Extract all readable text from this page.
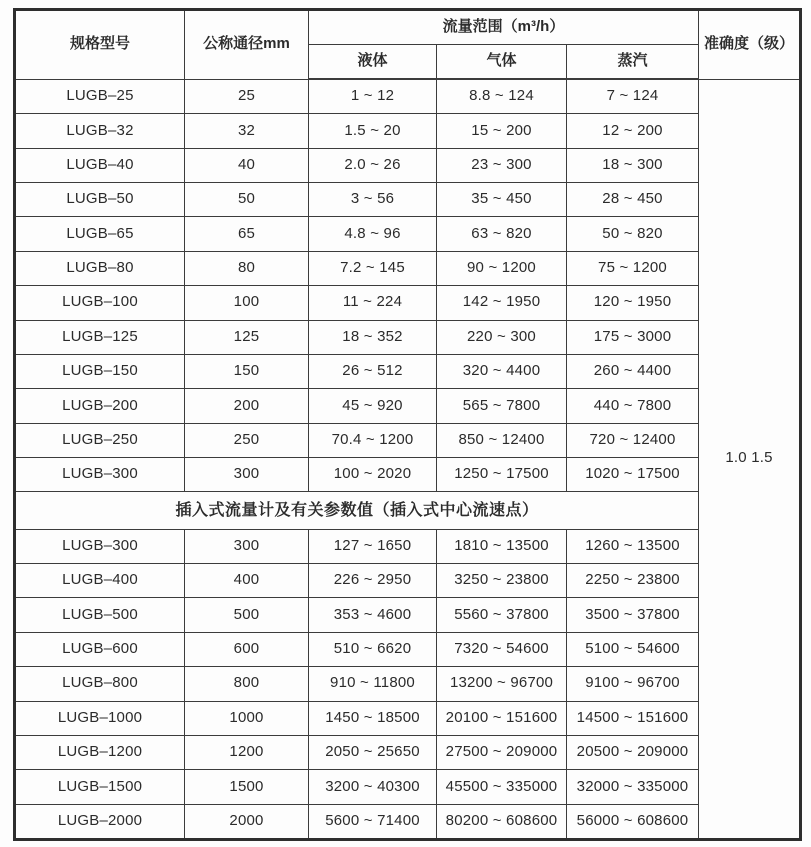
规格型号	公称通径mm	流量范围（m³/h）			准确度（级）
		液体	气体	蒸汽	
LUGB–25	25	1 ~ 12	8.8 ~ 124	7 ~ 124	1.0 1.5
LUGB–32	32	1.5 ~ 20	15 ~ 200	12 ~ 200	
LUGB–40	40	2.0 ~ 26	23 ~ 300	18 ~ 300	
LUGB–50	50	3 ~ 56	35 ~ 450	28 ~ 450	
LUGB–65	65	4.8 ~ 96	63 ~ 820	50 ~ 820	
LUGB–80	80	7.2 ~ 145	90 ~ 1200	75 ~ 1200	
LUGB–100	100	11 ~ 224	142 ~ 1950	120 ~ 1950	
LUGB–125	125	18 ~ 352	220 ~ 300	175 ~ 3000	
LUGB–150	150	26 ~ 512	320 ~ 4400	260 ~ 4400	
LUGB–200	200	45 ~ 920	565 ~ 7800	440 ~ 7800	
LUGB–250	250	70.4 ~ 1200	850 ~ 12400	720 ~ 12400	
LUGB–300	300	100 ~ 2020	1250 ~ 17500	1020 ~ 17500	
插入式流量计及有关参数值（插入式中心流速点）					
LUGB–300	300	127 ~ 1650	1810 ~ 13500	1260 ~ 13500	
LUGB–400	400	226 ~ 2950	3250 ~ 23800	2250 ~ 23800	
LUGB–500	500	353 ~ 4600	5560 ~ 37800	3500 ~ 37800	
LUGB–600	600	510 ~ 6620	7320 ~ 54600	5100 ~ 54600	
LUGB–800	800	910 ~ 11800	13200 ~ 96700	9100 ~ 96700	
LUGB–1000	1000	1450 ~ 18500	20100 ~ 151600	14500 ~ 151600	
LUGB–1200	1200	2050 ~ 25650	27500 ~ 209000	20500 ~ 209000	
LUGB–1500	1500	3200 ~ 40300	45500 ~ 335000	32000 ~ 335000	
LUGB–2000	2000	5600 ~ 71400	80200 ~ 608600	56000 ~ 608600	
